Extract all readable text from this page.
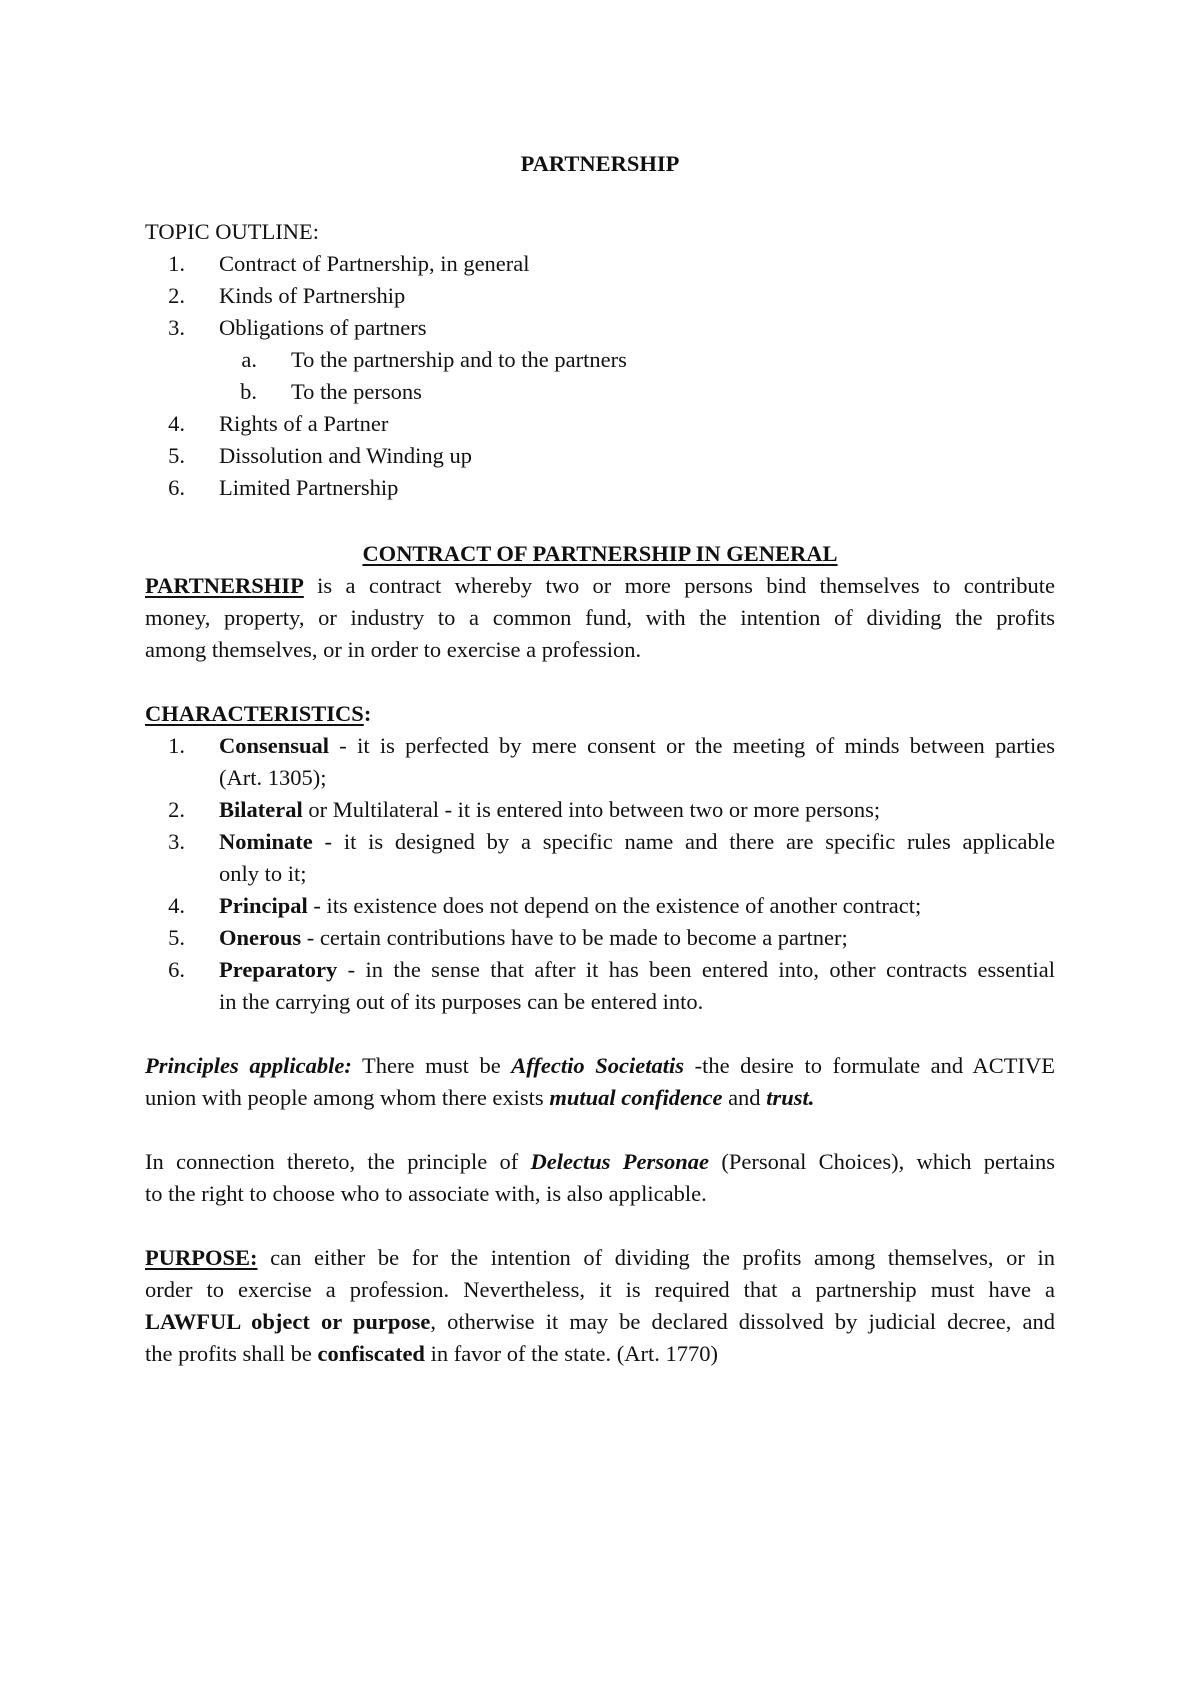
PARTNERSHIP
TOPIC OUTLINE:
1. Contract of Partnership, in general
2. Kinds of Partnership
3. Obligations of partners
a. To the partnership and to the partners
b. To the persons
4. Rights of a Partner
5. Dissolution and Winding up
6. Limited Partnership
CONTRACT OF PARTNERSHIP IN GENERAL
PARTNERSHIP is a contract whereby two or more persons bind themselves to contribute
money, property, or industry to a common fund, with the intention of dividing the profits
among themselves, or in order to exercise a profession.
CHARACTERISTICS:
1. Consensual - it is perfected by mere consent or the meeting of minds between parties
(Art. 1305);
2. Bilateral or Multilateral - it is entered into between two or more persons;
3. Nominate - it is designed by a specific name and there are specific rules applicable
only to it;
4. Principal - its existence does not depend on the existence of another contract;
5. Onerous - certain contributions have to be made to become a partner;
6. Preparatory - in the sense that after it has been entered into, other contracts essential
in the carrying out of its purposes can be entered into.
Principles applicable: There must be Affectio Societatis -the desire to formulate and ACTIVE
union with people among whom there exists mutual confidence and trust.
In connection thereto, the principle of Delectus Personae (Personal Choices), which pertains
to the right to choose who to associate with, is also applicable.
PURPOSE: can either be for the intention of dividing the profits among themselves, or in
order to exercise a profession. Nevertheless, it is required that a partnership must have a
LAWFUL object or purpose, otherwise it may be declared dissolved by judicial decree, and
the profits shall be confiscated in favor of the state. (Art. 1770)
